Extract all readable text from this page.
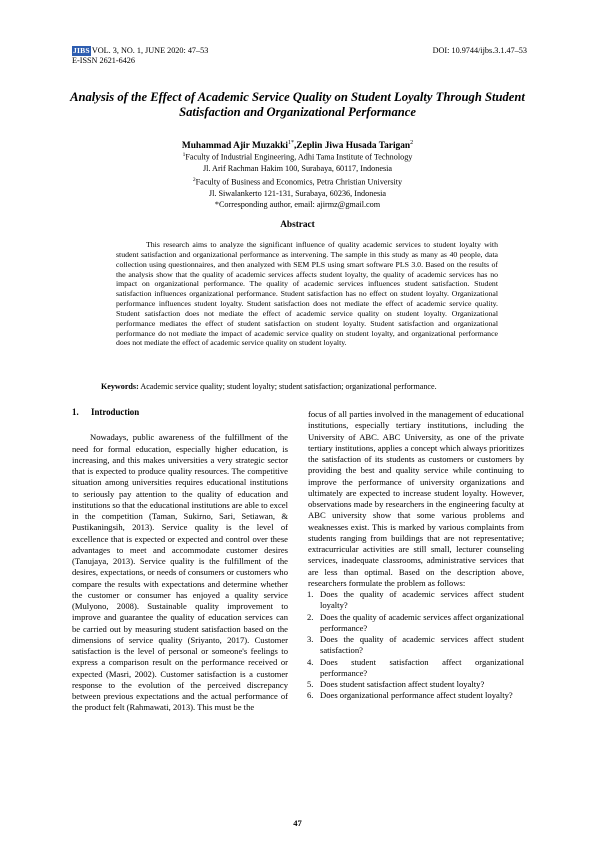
JIBS VOL. 3, NO. 1, JUNE 2020: 47–53
E-ISSN 2621-6426
DOI: 10.9744/ijbs.3.1.47–53
Analysis of the Effect of Academic Service Quality on Student Loyalty Through Student Satisfaction and Organizational Performance
Muhammad Ajir Muzakki$^{1*}$,Zeplin Jiwa Husada Tarigan$^2$
$^1$Faculty of Industrial Engineering, Adhi Tama Institute of Technology
Jl. Arif Rachman Hakim 100, Surabaya, 60117, Indonesia
$^2$Faculty of Business and Economics, Petra Christian University
Jl. Siwalankerto 121-131, Surabaya, 60236, Indonesia
*Corresponding author, email: ajirmz@gmail.com
Abstract
This research aims to analyze the significant influence of quality academic services to student loyalty with student satisfaction and organizational performance as intervening. The sample in this study as many as 40 people, data collection using questionnaires, and then analyzed with SEM PLS using smart software PLS 3.0. Based on the results of the analysis show that the quality of academic services affects student loyalty, the quality of academic services has no impact on organizational performance. The quality of academic services influences student satisfaction. Student satisfaction influences organizational performance. Student satisfaction has no effect on student loyalty. Organizational performance influences student loyalty. Student satisfaction does not mediate the effect of academic service quality. Student satisfaction does not mediate the effect of academic service quality on student loyalty. Organizational performance mediates the effect of student satisfaction on student loyalty. Student satisfaction and organizational performance do not mediate the impact of academic service quality on student loyalty, and organizational performance does not mediate the effect of academic service quality on student loyalty.
Keywords: Academic service quality; student loyalty; student satisfaction; organizational performance.
1. Introduction

Nowadays, public awareness of the fulfillment of the need for formal education, especially higher education, is increasing, and this makes universities a very strategic sector that is expected to produce quality resources. The competitive situation among universities requires educational institutions to seriously pay attention to the quality of education and institutions so that the educational institutions are able to excel in the competition (Taman, Sukirno, Sari, Setiawan, & Pustikaningsih, 2013). Service quality is the level of excellence that is expected or expected and control over these advantages to meet and accommodate customer desires (Tanujaya, 2013). Service quality is the fulfillment of the desires, expectations, or needs of consumers or customers who compare the results with expectations and determine whether the customer or consumer has enjoyed a quality service (Mulyono, 2008). Sustainable quality improvement to improve and guarantee the quality of education services can be carried out by measuring student satisfaction based on the dimensions of service quality (Sriyanto, 2017). Customer satisfaction is the level of personal or someone's feelings to express a comparison result on the performance received or expected (Masri, 2002). Customer satisfaction is a customer response to the evolution of the perceived discrepancy between previous expectations and the actual performance of the product felt (Rahmawati, 2013). This must be the

focus of all parties involved in the management of educational institutions, especially tertiary institutions, including the University of ABC. ABC University, as one of the private tertiary institutions, applies a concept which always prioritizes the satisfaction of its students as customers or customers by providing the best and quality service while continuing to improve the performance of university organizations and ultimately are expected to increase student loyalty. However, observations made by researchers in the engineering faculty at ABC university show that some various problems and weaknesses exist. This is marked by various complaints from students ranging from buildings that are not representative; extracurricular activities are still small, lecturer counseling services, inadequate classrooms, administrative services that are less than optimal. Based on the description above, researchers formulate the problem as follows:

1. Does the quality of academic services affect student loyalty?
2. Does the quality of academic services affect organizational performance?
3. Does the quality of academic services affect student satisfaction?
4. Does student satisfaction affect organizational performance?
5. Does student satisfaction affect student loyalty?
6. Does organizational performance affect student loyalty?
47
